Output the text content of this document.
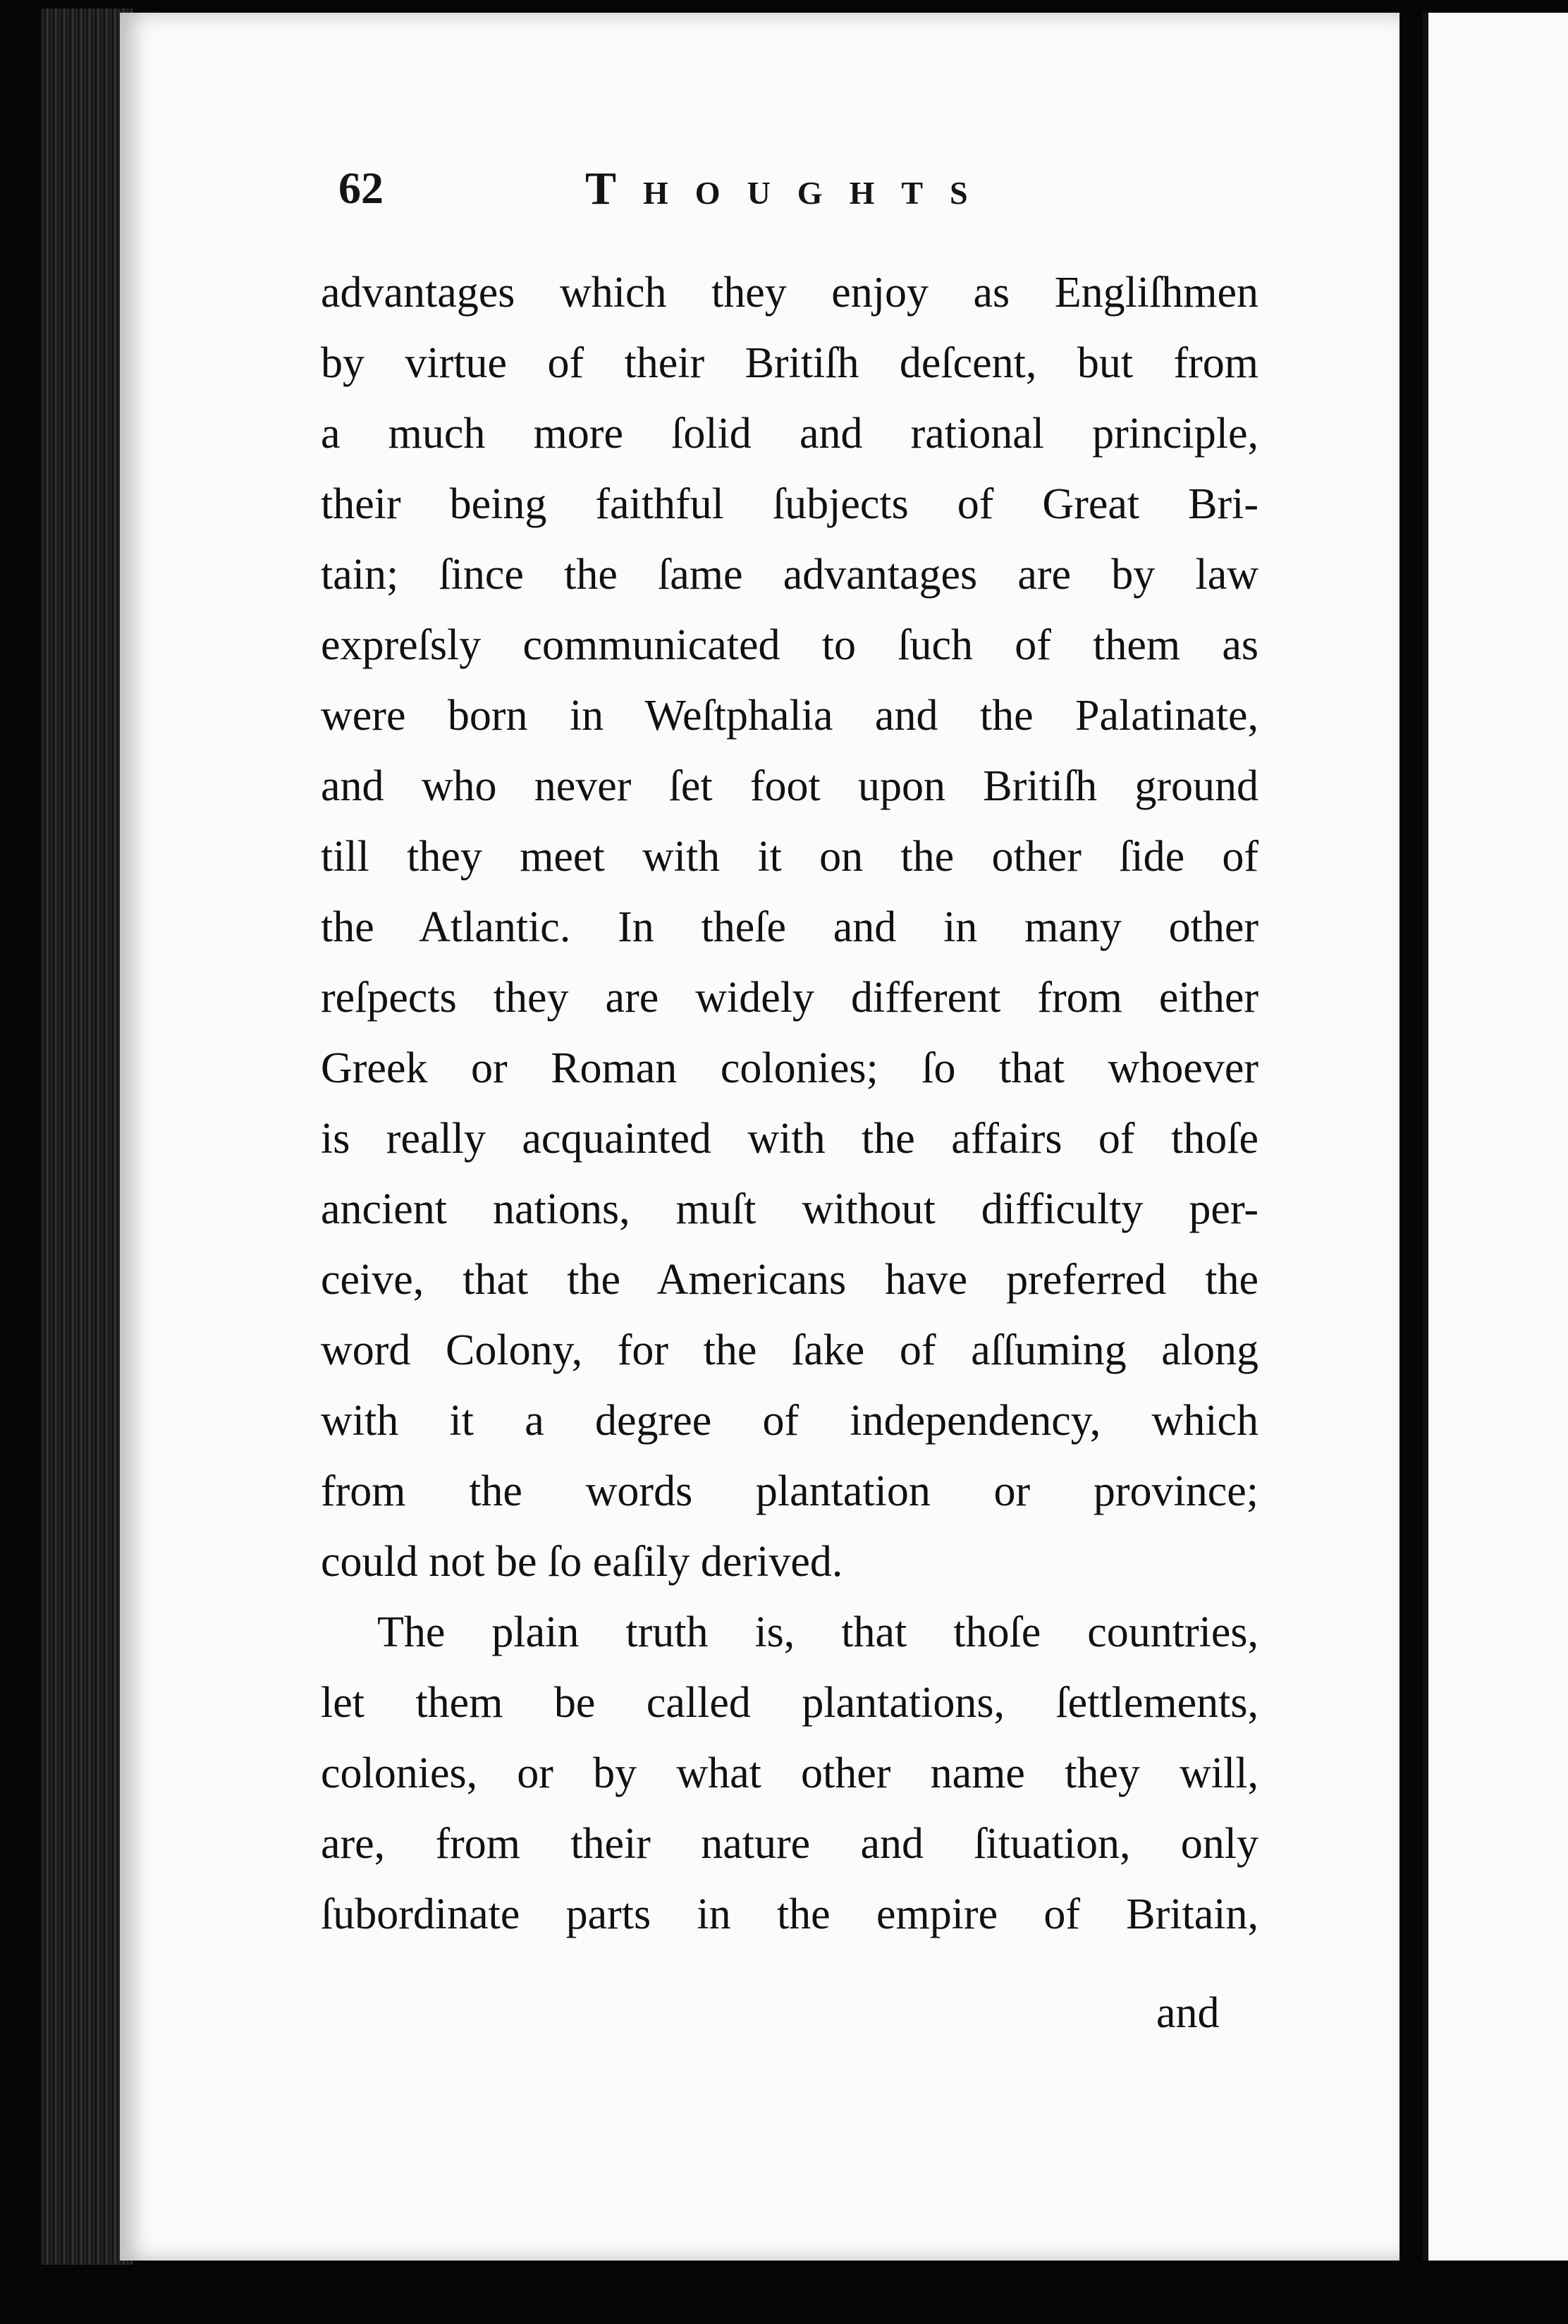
62	Thoughts
advantages which they enjoy as Engliſhmen
by virtue of their Britiſh deſcent, but from
a much more ſolid and rational principle,
their being faithful ſubjects of Great Bri-
tain; ſince the ſame advantages are by law
expreſsly communicated to ſuch of them as
were born in Weſtphalia and the Palatinate,
and who never ſet foot upon Britiſh ground
till they meet with it on the other ſide of
the Atlantic. In theſe and in many other
reſpects they are widely different from either
Greek or Roman colonies; ſo that whoever
is really acquainted with the affairs of thoſe
ancient nations, muſt without difficulty per-
ceive, that the Americans have preferred the
word Colony, for the ſake of aſſuming along
with it a degree of independency, which
from the words plantation or province;
could not be ſo eaſily derived.
The plain truth is, that thoſe countries,
let them be called plantations, ſettlements,
colonies, or by what other name they will,
are, from their nature and ſituation, only
ſubordinate parts in the empire of Britain,
and
